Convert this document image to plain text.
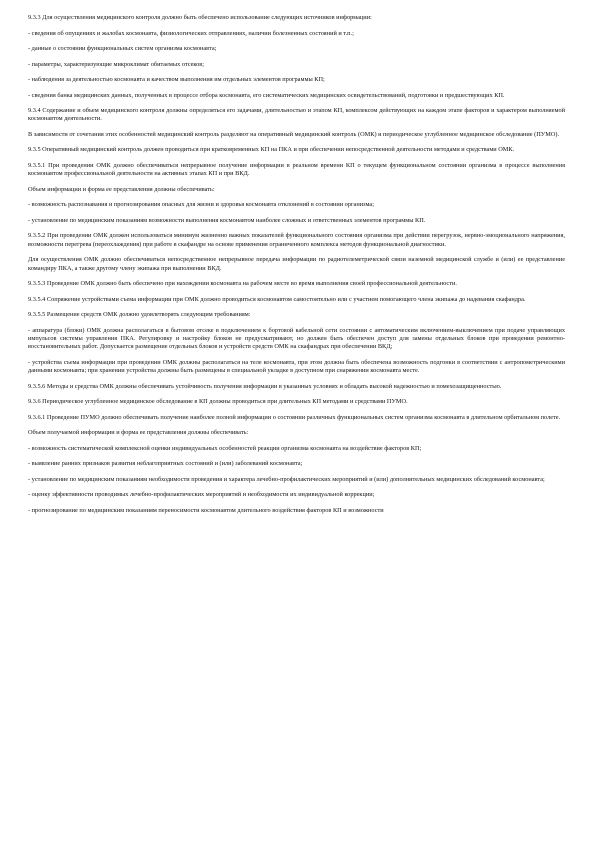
9.3.3 Для осуществления медицинского контроля должно быть обеспечено использование следующих источников информации:

- сведения об опущениях и жалобах космонавта, физиологических отправлениях, наличии болезненных состояний и т.п.;

- данные о состоянии функциональных систем организма космонавта;

- параметры, характеризующие микроклимат обитаемых отсеков;

- наблюдения за деятельностью космонавта и качеством выполнения им отдельных элементов программы КП;

- сведения банка медицинских данных, полученных в процессе отбора космонавта, его систематических медицинских освидетельствований, подготовки и предшествующих КП.

9.3.4 Содержание и объем медицинского контроля должны определяться его задачами, длительностью и этапом КП, комплексом действующих на каждом этапе факторов и характером выполняемой космонавтом деятельности.

В зависимости от сочетания этих особенностей медицинский контроль разделяют на оперативный медицинский контроль (ОМК) и периодическое углубленное медицинское обследование (ПУМО).

9.3.5 Оперативный медицинский контроль должен проводиться при кратковременных КП на ПКА и при обеспечении непосредственной деятельности методами и средствами ОМК.

9.3.5.1 При проведении ОМК должно обеспечиваться непрерывное получение информации в реальном времени КП о текущем функциональном состоянии организма в процессе выполнения космонавтом профессиональной деятельности на активных этапах КП и при ВКД.

Объем информации и форма ее представления должны обеспечивать:

- возможность распознавания и прогнозирования опасных для жизни и здоровья космонавта отклонений в состоянии организма;

- установление по медицинским показаниям возможности выполнения космонавтом наиболее сложных и ответственных элементов программы КП.

9.3.5.2 При проведении ОМК должен использоваться минимум жизненно важных показателей функционального состояния организма при действии перегрузок, нервно-эмоционального напряжения, возможности перегрева (переохлаждения) при работе в скафандре на основе применения ограниченного комплекса методов функциональной диагностики.

Для осуществления ОМК должно обеспечиваться непосредственное непрерывное передача информации по радиотелеметрической связи наземной медицинской службе и (или) ее представление командиру ПКА, а также другому члену экипажа при выполнении ВКД.

9.3.5.3 Проведение ОМК должно быть обеспечено при нахождении космонавта на рабочем месте во время выполнения своей профессиональной деятельности.

9.3.5.4 Сопряжение устройствами съема информации при ОМК должно проводиться космонавтом самостоятельно или с участием помогающего члена экипажа до надевания скафандра.

9.3.5.5 Размещение средств ОМК должно удовлетворять следующим требованиям:

- аппаратура (блоки) ОМК должна располагаться в бытовом отсеке в подключением к бортовой кабельной сети состоянии с автоматическим включением-выключением при подаче управляющих импульсов системы управления ПКА. Регулировку и настройку блоков не предусматривают, но должен быть обеспечен доступ для замены отдельных блоков при проведении ремонтно-восстановительных работ. Допускается размещение отдельных блоков и устройств средств ОМК на скафандрах при обеспечении ВКД;

- устройства съема информации при проведении ОМК должны располагаться на теле космонавта, при этом должна быть обеспечена возможность подгонки в соответствии с антропометрическими данными космонавта; при хранении устройства должны быть размещены в специальной укладке в доступном при снаряжении космонавта месте.

9.3.5.6 Методы и средства ОМК должны обеспечивать устойчивость получения информации в указанных условиях и обладать высокой надежностью и помехозащищенностью.

9.3.6 Периодическое углубленное медицинское обследование в КП должны проводиться при длительных КП методами и средствами ПУМО.

9.3.6.1 Проведение ПУМО должно обеспечивать получение наиболее полной информации о состоянии различных функциональных систем организма космонавта в длительном орбитальном полете.

Объем получаемой информации и форма ее представления должны обеспечивать:

- возможность систематической комплексной оценки индивидуальных особенностей реакции организма космонавта на воздействие факторов КП;

- выявление ранних признаков развития неблагоприятных состояний и (или) заболеваний космонавта;

- установление по медицинским показаниям необходимости проведения и характера лечебно-профилактических мероприятий и (или) дополнительных медицинских обследований космонавта;

- оценку эффективности проводимых лечебно-профилактических мероприятий и необходимости их индивидуальной коррекции;

- прогнозирование по медицинским показаниям переносимости космонавтом длительного воздействия факторов КП и возможности
